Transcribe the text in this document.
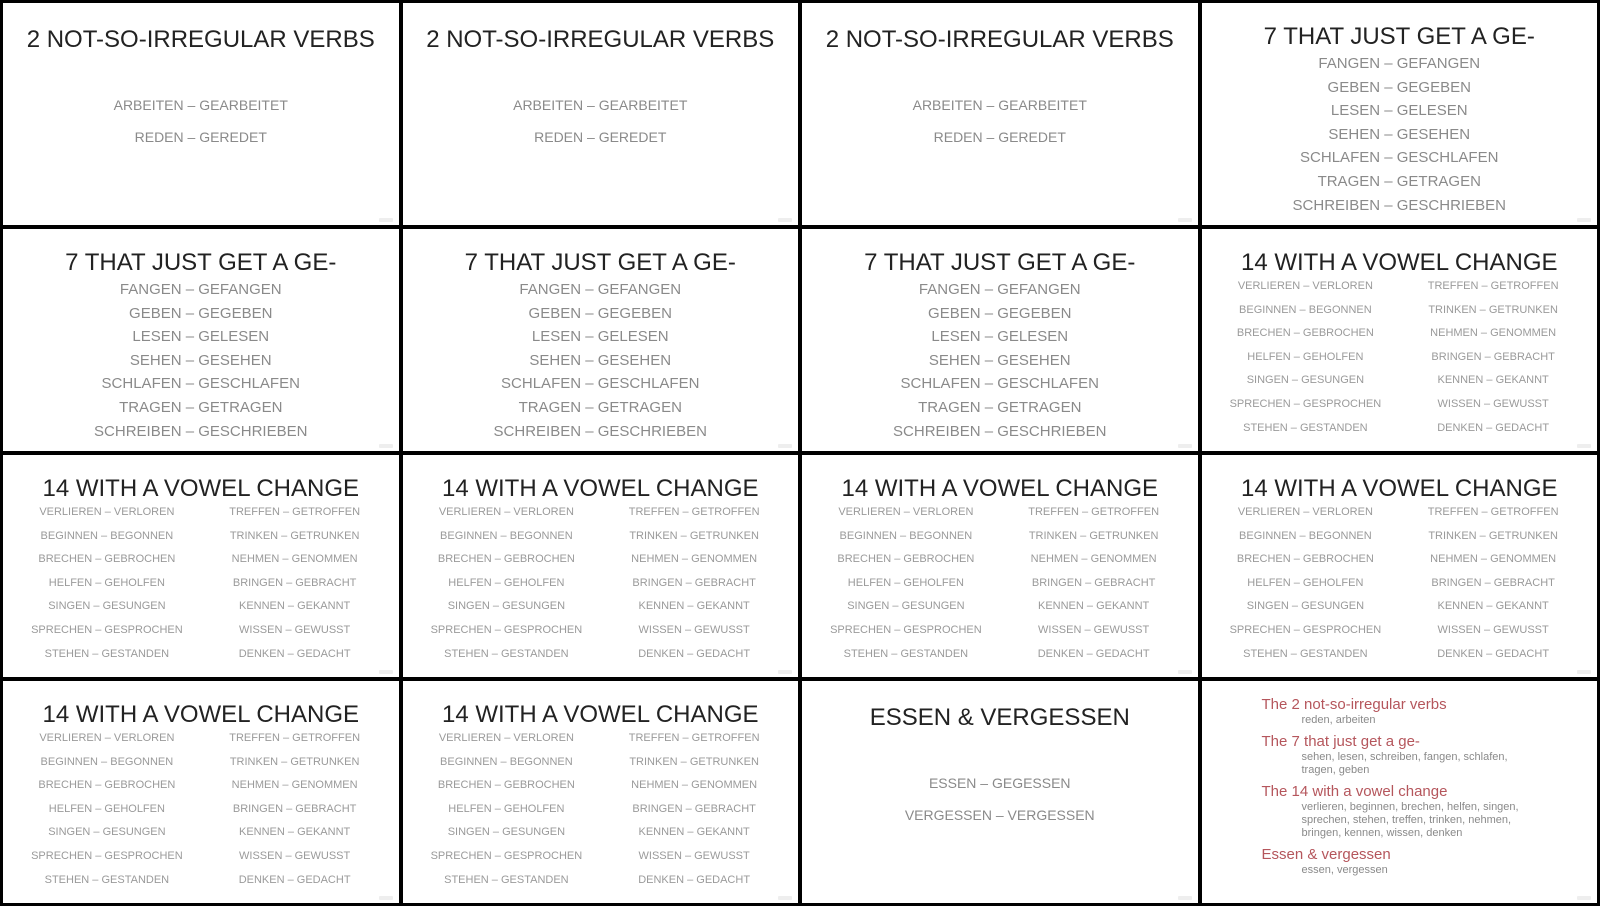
2 NOT-SO-IRREGULAR VERBS
ARBEITEN – GEARBEITET
REDEN – GEREDET
2 NOT-SO-IRREGULAR VERBS
ARBEITEN – GEARBEITET
REDEN – GEREDET
2 NOT-SO-IRREGULAR VERBS
ARBEITEN – GEARBEITET
REDEN – GEREDET
7 THAT JUST GET A GE-
FANGEN – GEFANGEN
GEBEN – GEGEBEN
LESEN – GELESEN
SEHEN – GESEHEN
SCHLAFEN – GESCHLAFEN
TRAGEN – GETRAGEN
SCHREIBEN – GESCHRIEBEN
7 THAT JUST GET A GE-
FANGEN – GEFANGEN
GEBEN – GEGEBEN
LESEN – GELESEN
SEHEN – GESEHEN
SCHLAFEN – GESCHLAFEN
TRAGEN – GETRAGEN
SCHREIBEN – GESCHRIEBEN
7 THAT JUST GET A GE-
FANGEN – GEFANGEN
GEBEN – GEGEBEN
LESEN – GELESEN
SEHEN – GESEHEN
SCHLAFEN – GESCHLAFEN
TRAGEN – GETRAGEN
SCHREIBEN – GESCHRIEBEN
7 THAT JUST GET A GE-
FANGEN – GEFANGEN
GEBEN – GEGEBEN
LESEN – GELESEN
SEHEN – GESEHEN
SCHLAFEN – GESCHLAFEN
TRAGEN – GETRAGEN
SCHREIBEN – GESCHRIEBEN
14 WITH A VOWEL CHANGE
VERLIEREN – VERLOREN
BEGINNEN – BEGONNEN
BRECHEN – GEBROCHEN
HELFEN – GEHOLFEN
SINGEN – GESUNGEN
SPRECHEN – GESPROCHEN
STEHEN – GESTANDEN
TREFFEN – GETROFFEN
TRINKEN – GETRUNKEN
NEHMEN – GENOMMEN
BRINGEN – GEBRACHT
KENNEN – GEKANNT
WISSEN – GEWUSST
DENKEN – GEDACHT
14 WITH A VOWEL CHANGE
VERLIEREN – VERLOREN
BEGINNEN – BEGONNEN
BRECHEN – GEBROCHEN
HELFEN – GEHOLFEN
SINGEN – GESUNGEN
SPRECHEN – GESPROCHEN
STEHEN – GESTANDEN
TREFFEN – GETROFFEN
TRINKEN – GETRUNKEN
NEHMEN – GENOMMEN
BRINGEN – GEBRACHT
KENNEN – GEKANNT
WISSEN – GEWUSST
DENKEN – GEDACHT
14 WITH A VOWEL CHANGE
VERLIEREN – VERLOREN
BEGINNEN – BEGONNEN
BRECHEN – GEBROCHEN
HELFEN – GEHOLFEN
SINGEN – GESUNGEN
SPRECHEN – GESPROCHEN
STEHEN – GESTANDEN
TREFFEN – GETROFFEN
TRINKEN – GETRUNKEN
NEHMEN – GENOMMEN
BRINGEN – GEBRACHT
KENNEN – GEKANNT
WISSEN – GEWUSST
DENKEN – GEDACHT
14 WITH A VOWEL CHANGE
VERLIEREN – VERLOREN
BEGINNEN – BEGONNEN
BRECHEN – GEBROCHEN
HELFEN – GEHOLFEN
SINGEN – GESUNGEN
SPRECHEN – GESPROCHEN
STEHEN – GESTANDEN
TREFFEN – GETROFFEN
TRINKEN – GETRUNKEN
NEHMEN – GENOMMEN
BRINGEN – GEBRACHT
KENNEN – GEKANNT
WISSEN – GEWUSST
DENKEN – GEDACHT
14 WITH A VOWEL CHANGE
VERLIEREN – VERLOREN
BEGINNEN – BEGONNEN
BRECHEN – GEBROCHEN
HELFEN – GEHOLFEN
SINGEN – GESUNGEN
SPRECHEN – GESPROCHEN
STEHEN – GESTANDEN
TREFFEN – GETROFFEN
TRINKEN – GETRUNKEN
NEHMEN – GENOMMEN
BRINGEN – GEBRACHT
KENNEN – GEKANNT
WISSEN – GEWUSST
DENKEN – GEDACHT
14 WITH A VOWEL CHANGE
VERLIEREN – VERLOREN
BEGINNEN – BEGONNEN
BRECHEN – GEBROCHEN
HELFEN – GEHOLFEN
SINGEN – GESUNGEN
SPRECHEN – GESPROCHEN
STEHEN – GESTANDEN
TREFFEN – GETROFFEN
TRINKEN – GETRUNKEN
NEHMEN – GENOMMEN
BRINGEN – GEBRACHT
KENNEN – GEKANNT
WISSEN – GEWUSST
DENKEN – GEDACHT
14 WITH A VOWEL CHANGE
VERLIEREN – VERLOREN
BEGINNEN – BEGONNEN
BRECHEN – GEBROCHEN
HELFEN – GEHOLFEN
SINGEN – GESUNGEN
SPRECHEN – GESPROCHEN
STEHEN – GESTANDEN
TREFFEN – GETROFFEN
TRINKEN – GETRUNKEN
NEHMEN – GENOMMEN
BRINGEN – GEBRACHT
KENNEN – GEKANNT
WISSEN – GEWUSST
DENKEN – GEDACHT
ESSEN & VERGESSEN
ESSEN – GEGESSEN
VERGESSEN – VERGESSEN
The 2 not-so-irregular verbs
reden, arbeiten
The 7 that just get a ge-
sehen, lesen, schreiben, fangen, schlafen, tragen, geben
The 14 with a vowel change
verlieren, beginnen, brechen, helfen, singen, sprechen, stehen, treffen, trinken, nehmen, bringen, kennen, wissen, denken
Essen & vergessen
essen, vergessen
